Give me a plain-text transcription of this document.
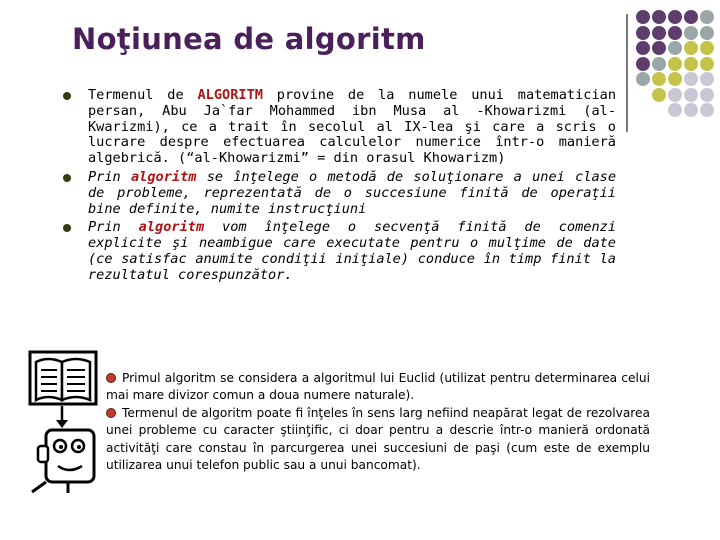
Noţiunea de algoritm
Termenul de ALGORITM provine de la numele unui matematician persan, Abu Ja`far Mohammed ibn Musa al -Khowarizmi (al-Kwarizmi), ce a trait în secolul al IX-lea şi care a scris o lucrare despre efectuarea calculelor numerice într-o manieră algebrică. (“al-Khowarizmi” = din orasul Khowarizm)
Prin algoritm se înţelege o metodă de soluţionare a unei clase de probleme, reprezentată de o succesiune finită de operaţii bine definite, numite instrucţiuni
Prin algoritm vom înţelege o secvenţă finită de comenzi explicite şi neambigue care executate pentru o mulţime de date (ce satisfac anumite condiţii iniţiale) conduce în timp finit la rezultatul corespunzător.
Primul algoritm se considera a algoritmul lui Euclid (utilizat pentru determinarea celui mai mare divizor comun a doua numere naturale).
Termenul de algoritm poate fi înţeles în sens larg nefiind neapărat legat de rezolvarea unei probleme cu caracter ştiinţific, ci doar pentru a descrie într-o manieră ordonată activităţi care constau în parcurgerea unei succesiuni de paşi (cum este de exemplu utilizarea unui telefon public sau a unui bancomat).
